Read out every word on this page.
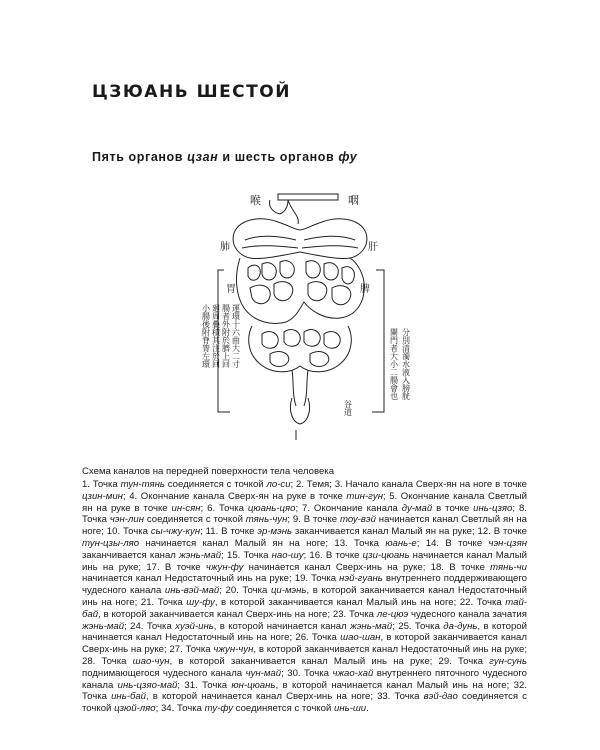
ЦЗЮАНЬ ШЕСТОЙ
Пять органов цзан и шесть органов фу
喉	咽
肺
胃
肝
脾
小腸後附脊膂左環 廻周疊積其注於回 腸者外附於臍上回 運環十六曲大二寸	闌門者大小二腸會也 分別清濁水液入膀胱
谷道

Схема каналов на передней поверхности тела человека

1. Точка тун-тянь соединяется с точкой ло-си; 2. Темя; 3. Начало канала Сверх-ян на ноге в точке цзин-мин; 4. Окончание канала Сверх-ян на руке в точке тин-гун; 5. Окончание канала Светлый ян на руке в точке ин-сян; 6. Точка цюань-цяо; 7. Окончание канала ду-май в точке инь-цзяо; 8. Точка чэн-лин соединяется с точкой тянь-чун; 9. В точке тоу-вэй начинается канал Светлый ян на ноге; 10. Точка сы-чжу-кун; 11. В точке эр-мэнь заканчивается канал Малый ян на руке; 12. В точке тун-цзы-ляо начинается канал Малый ян на ноге; 13. Точка юань-е; 14. В точке чэн-цзян заканчивается канал жэнь-май; 15. Точка нао-шу; 16. В точке цзи-цюань начинается канал Малый инь на руке; 17. В точке чжун-фу начинается канал Сверх-инь на руке; 18. В точке тянь-чи начинается канал Недостаточный инь на руке; 19. Точка нэй-гуань внутреннего поддерживающего чудесного канала инь-вэй-май; 20. Точка ци-мэнь, в которой заканчивается канал Недостаточный инь на ноге; 21. Точка шу-фу, в которой заканчивается канал Малый инь на ноге; 22. Точка тай-бай, в которой заканчивается канал Сверх-инь на ноге; 23. Точка ле-цюэ чудесного канала зачатия жэнь-май; 24. Точка хуэй-инь, в которой начинается канал жэнь-май; 25. Точка да-дунь, в которой начинается канал Недостаточный инь на ноге; 26. Точка шао-шан, в которой заканчивается канал Сверх-инь на руке; 27. Точка чжун-чун, в которой заканчивается канал Недостаточный инь на руке; 28. Точка шао-чун, в которой заканчивается канал Малый инь на руке; 29. Точка гун-сунь поднимающегося чудесного канала чун-май; 30. Точка чжао-хай внутреннего пяточного чудесного канала инь-цзяо-май; 31. Точка юн-цюань, в которой начинается канал Малый инь на ноге; 32. Точка инь-бай, в которой начинается канал Сверх-инь на ноге; 33. Точка вэй-дао соединяется с точкой цзюй-ляо; 34. Точка ту-фу соединяется с точкой инь-ши.
